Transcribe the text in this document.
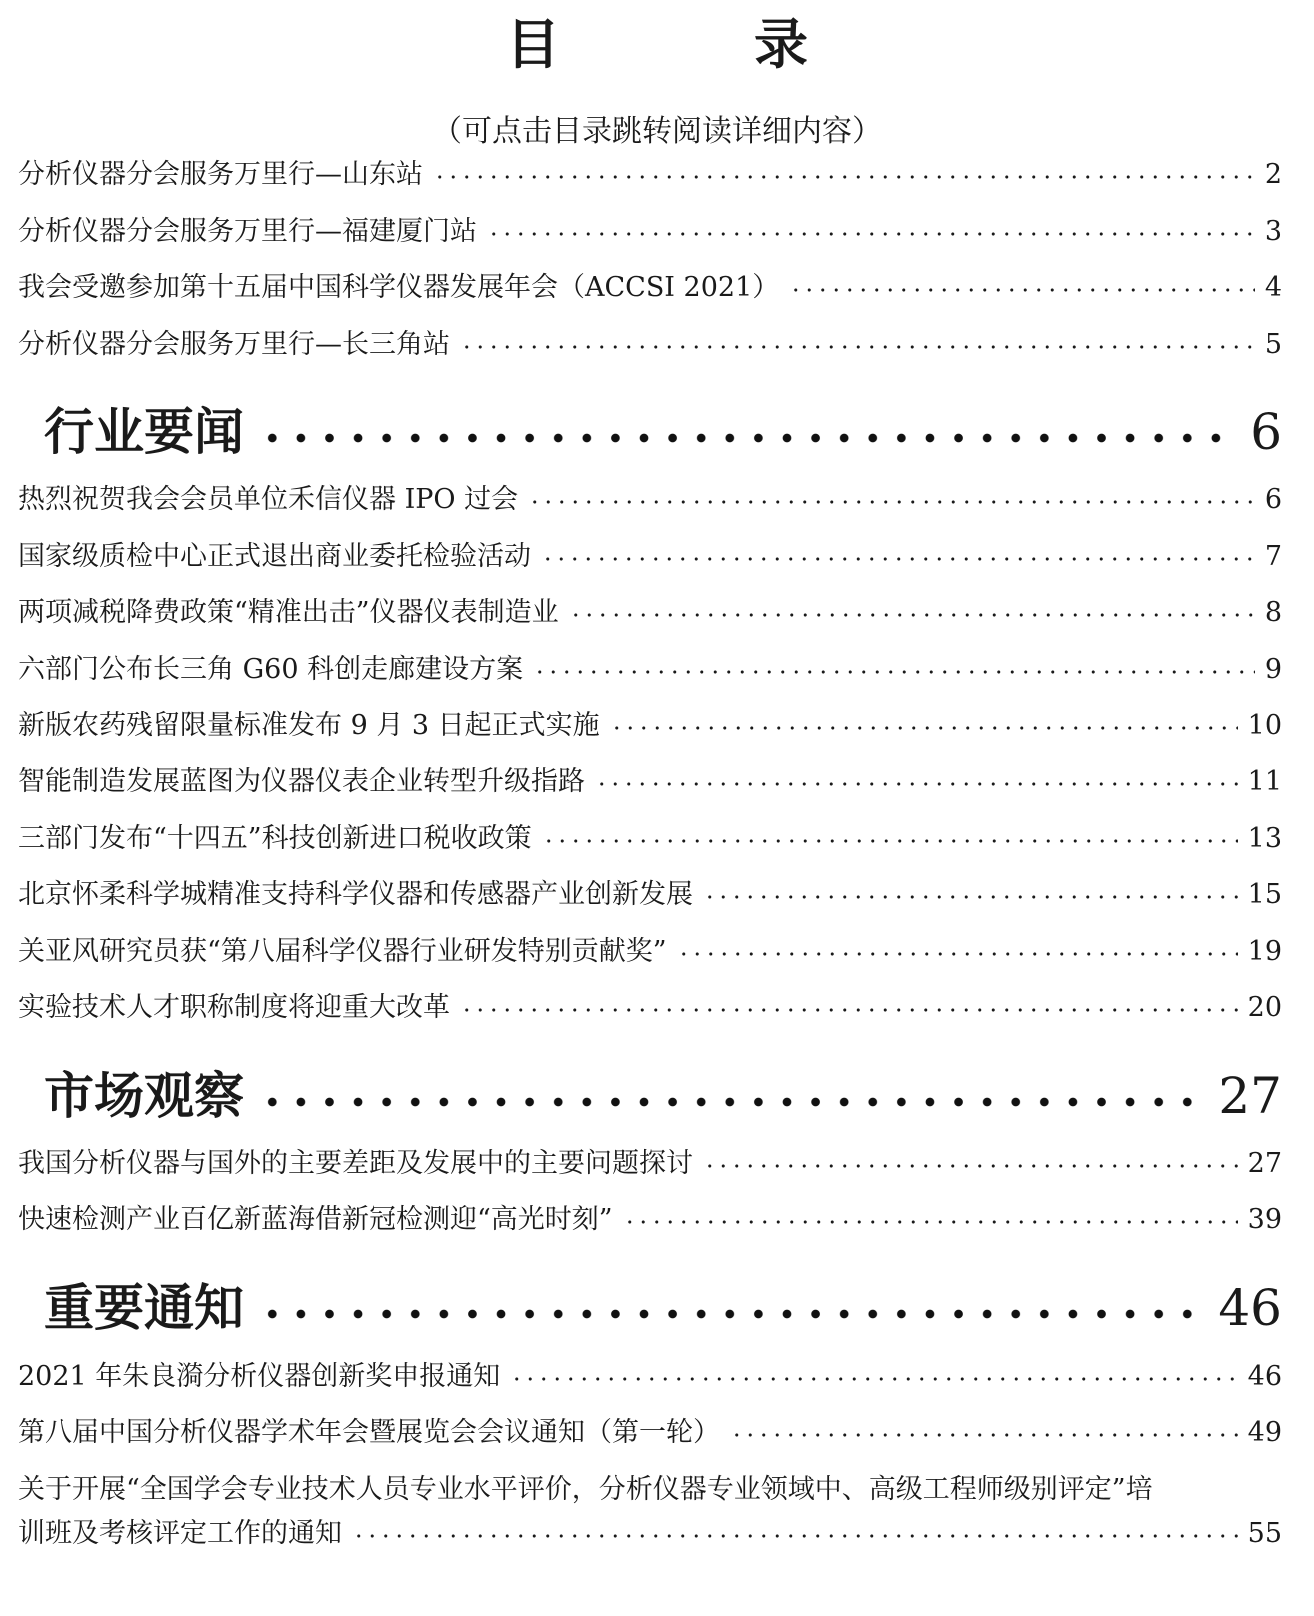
目　录
（可点击目录跳转阅读详细内容）
分析仪器分会服务万里行—山东站	2
分析仪器分会服务万里行—福建厦门站	3
我会受邀参加第十五届中国科学仪器发展年会（ACCSI 2021）	4
分析仪器分会服务万里行—长三角站	5
行业要闻	6
热烈祝贺我会会员单位禾信仪器 IPO 过会	6
国家级质检中心正式退出商业委托检验活动	7
两项减税降费政策“精准出击”仪器仪表制造业	8
六部门公布长三角 G60 科创走廊建设方案	9
新版农药残留限量标准发布 9 月 3 日起正式实施	10
智能制造发展蓝图为仪器仪表企业转型升级指路	11
三部门发布“十四五”科技创新进口税收政策	13
北京怀柔科学城精准支持科学仪器和传感器产业创新发展	15
关亚风研究员获“第八届科学仪器行业研发特别贡献奖”	19
实验技术人才职称制度将迎重大改革	20
市场观察	27
我国分析仪器与国外的主要差距及发展中的主要问题探讨	27
快速检测产业百亿新蓝海借新冠检测迎“高光时刻”	39
重要通知	46
2021 年朱良漪分析仪器创新奖申报通知	46
第八届中国分析仪器学术年会暨展览会会议通知（第一轮）	49
关于开展“全国学会专业技术人员专业水平评价，分析仪器专业领域中、高级工程师级别评定”培
训班及考核评定工作的通知	55
